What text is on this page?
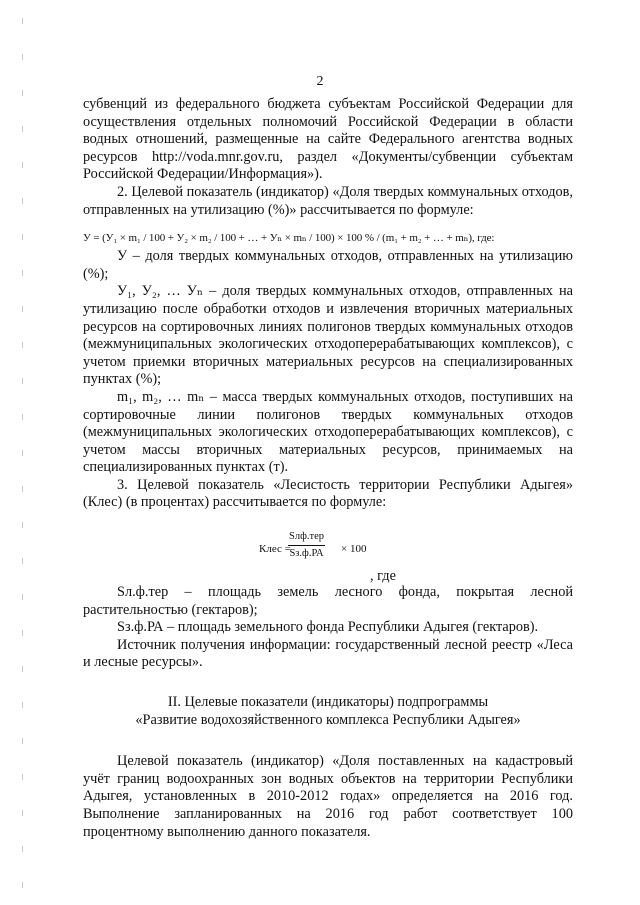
2

субвенций из федерального бюджета субъектам Российской Федерации для осуществления отдельных полномочий Российской Федерации в области водных отношений, размещенные на сайте Федерального агентства водных ресурсов http://voda.mnr.gov.ru, раздел «Документы/субвенции субъектам Российской Федерации/Информация»).

2. Целевой показатель (индикатор) «Доля твердых коммунальных отходов, отправленных на утилизацию (%)» рассчитывается по формуле:

У = (У₁ × m₁ / 100 + У₂ × m₂ / 100 + … + Уₙ × mₙ / 100) × 100 % / (m₁ + m₂ + … + mₙ), где:

У – доля твердых коммунальных отходов, отправленных на утилизацию (%);

У₁, У₂, … Уₙ – доля твердых коммунальных отходов, отправленных на утилизацию после обработки отходов и извлечения вторичных материальных ресурсов на сортировочных линиях полигонов твердых коммунальных отходов (межмуниципальных экологических отходоперерабатывающих комплексов), с учетом приемки вторичных материальных ресурсов на специализированных пунктах (%);

m₁, m₂, … mₙ – масса твердых коммунальных отходов, поступивших на сортировочные линии полигонов твердых коммунальных отходов (межмуниципальных экологических отходоперерабатывающих комплексов), с учетом массы вторичных материальных ресурсов, принимаемых на специализированных пунктах (т).

3. Целевой показатель «Лесистость территории Республики Адыгея» (Клес) (в процентах) рассчитывается по формуле:

Клес =
Sлф.тер
Sз.ф.РА × 100

, где

Sл.ф.тер – площадь земель лесного фонда, покрытая лесной растительностью (гектаров);

Sз.ф.РА – площадь земельного фонда Республики Адыгея (гектаров).

Источник получения информации: государственный лесной реестр «Леса и лесные ресурсы».

II. Целевые показатели (индикаторы) подпрограммы
«Развитие водохозяйственного комплекса Республики Адыгея»

Целевой показатель (индикатор) «Доля поставленных на кадастровый учёт границ водоохранных зон водных объектов на территории Республики Адыгея, установленных в 2010-2012 годах» определяется на 2016 год. Выполнение запланированных на 2016 год работ соответствует 100 процентному выполнению данного показателя.
